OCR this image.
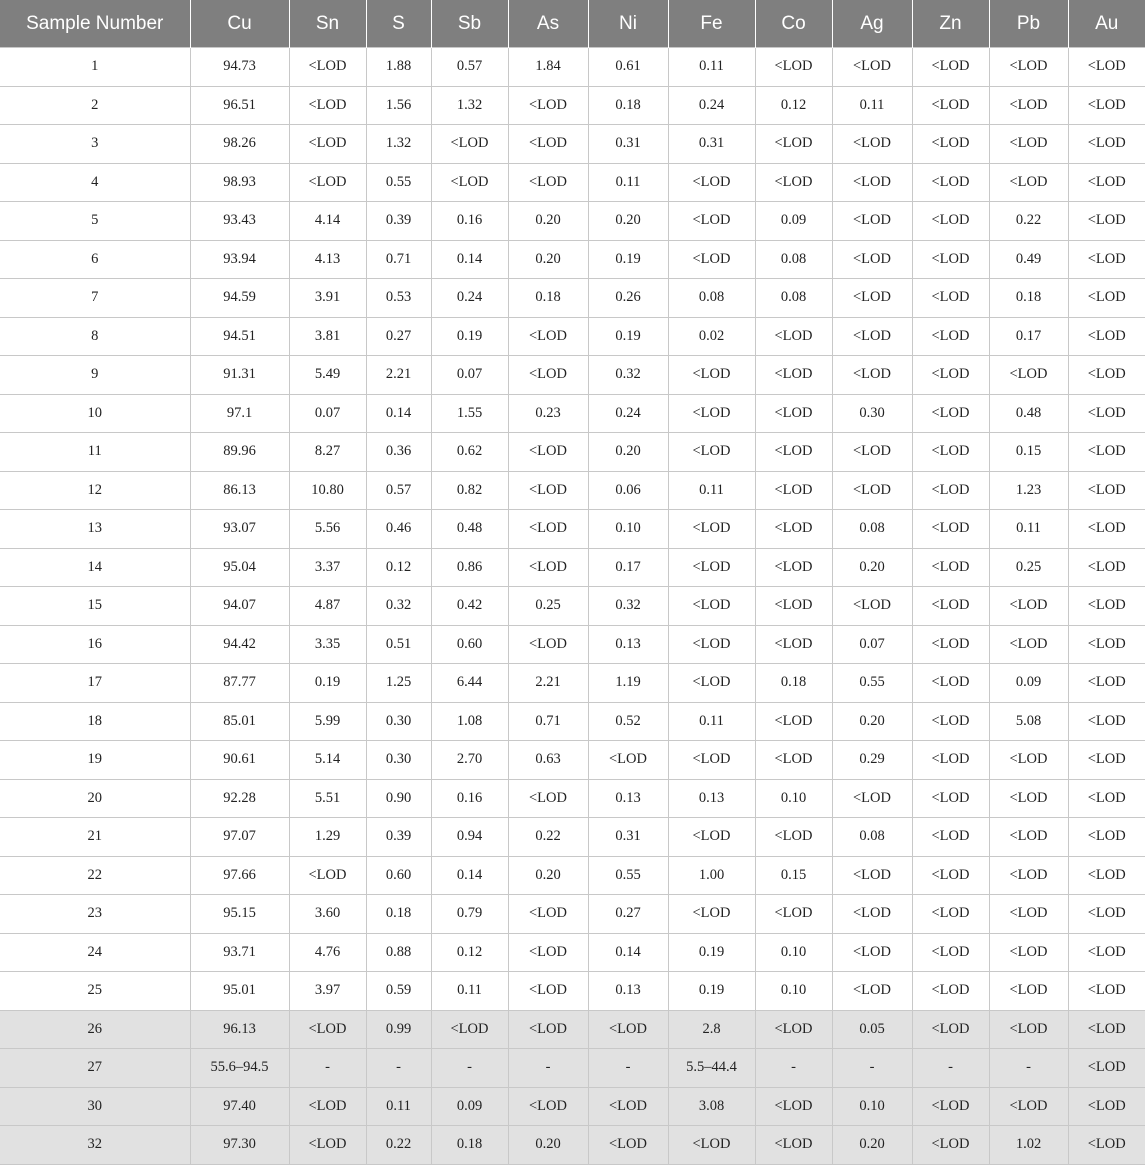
Sample Number	Cu	Sn	S	Sb	As	Ni	Fe	Co	Ag	Zn	Pb	Au
1	94.73	<LOD	1.88	0.57	1.84	0.61	0.11	<LOD	<LOD	<LOD	<LOD	<LOD
2	96.51	<LOD	1.56	1.32	<LOD	0.18	0.24	0.12	0.11	<LOD	<LOD	<LOD
3	98.26	<LOD	1.32	<LOD	<LOD	0.31	0.31	<LOD	<LOD	<LOD	<LOD	<LOD
4	98.93	<LOD	0.55	<LOD	<LOD	0.11	<LOD	<LOD	<LOD	<LOD	<LOD	<LOD
5	93.43	4.14	0.39	0.16	0.20	0.20	<LOD	0.09	<LOD	<LOD	0.22	<LOD
6	93.94	4.13	0.71	0.14	0.20	0.19	<LOD	0.08	<LOD	<LOD	0.49	<LOD
7	94.59	3.91	0.53	0.24	0.18	0.26	0.08	0.08	<LOD	<LOD	0.18	<LOD
8	94.51	3.81	0.27	0.19	<LOD	0.19	0.02	<LOD	<LOD	<LOD	0.17	<LOD
9	91.31	5.49	2.21	0.07	<LOD	0.32	<LOD	<LOD	<LOD	<LOD	<LOD	<LOD
10	97.1	0.07	0.14	1.55	0.23	0.24	<LOD	<LOD	0.30	<LOD	0.48	<LOD
11	89.96	8.27	0.36	0.62	<LOD	0.20	<LOD	<LOD	<LOD	<LOD	0.15	<LOD
12	86.13	10.80	0.57	0.82	<LOD	0.06	0.11	<LOD	<LOD	<LOD	1.23	<LOD
13	93.07	5.56	0.46	0.48	<LOD	0.10	<LOD	<LOD	0.08	<LOD	0.11	<LOD
14	95.04	3.37	0.12	0.86	<LOD	0.17	<LOD	<LOD	0.20	<LOD	0.25	<LOD
15	94.07	4.87	0.32	0.42	0.25	0.32	<LOD	<LOD	<LOD	<LOD	<LOD	<LOD
16	94.42	3.35	0.51	0.60	<LOD	0.13	<LOD	<LOD	0.07	<LOD	<LOD	<LOD
17	87.77	0.19	1.25	6.44	2.21	1.19	<LOD	0.18	0.55	<LOD	0.09	<LOD
18	85.01	5.99	0.30	1.08	0.71	0.52	0.11	<LOD	0.20	<LOD	5.08	<LOD
19	90.61	5.14	0.30	2.70	0.63	<LOD	<LOD	<LOD	0.29	<LOD	<LOD	<LOD
20	92.28	5.51	0.90	0.16	<LOD	0.13	0.13	0.10	<LOD	<LOD	<LOD	<LOD
21	97.07	1.29	0.39	0.94	0.22	0.31	<LOD	<LOD	0.08	<LOD	<LOD	<LOD
22	97.66	<LOD	0.60	0.14	0.20	0.55	1.00	0.15	<LOD	<LOD	<LOD	<LOD
23	95.15	3.60	0.18	0.79	<LOD	0.27	<LOD	<LOD	<LOD	<LOD	<LOD	<LOD
24	93.71	4.76	0.88	0.12	<LOD	0.14	0.19	0.10	<LOD	<LOD	<LOD	<LOD
25	95.01	3.97	0.59	0.11	<LOD	0.13	0.19	0.10	<LOD	<LOD	<LOD	<LOD
26	96.13	<LOD	0.99	<LOD	<LOD	<LOD	2.8	<LOD	0.05	<LOD	<LOD	<LOD
27	55.6–94.5	-	-	-	-	-	5.5–44.4	-	-	-	-	<LOD
30	97.40	<LOD	0.11	0.09	<LOD	<LOD	3.08	<LOD	0.10	<LOD	<LOD	<LOD
32	97.30	<LOD	0.22	0.18	0.20	<LOD	<LOD	<LOD	0.20	<LOD	1.02	<LOD
